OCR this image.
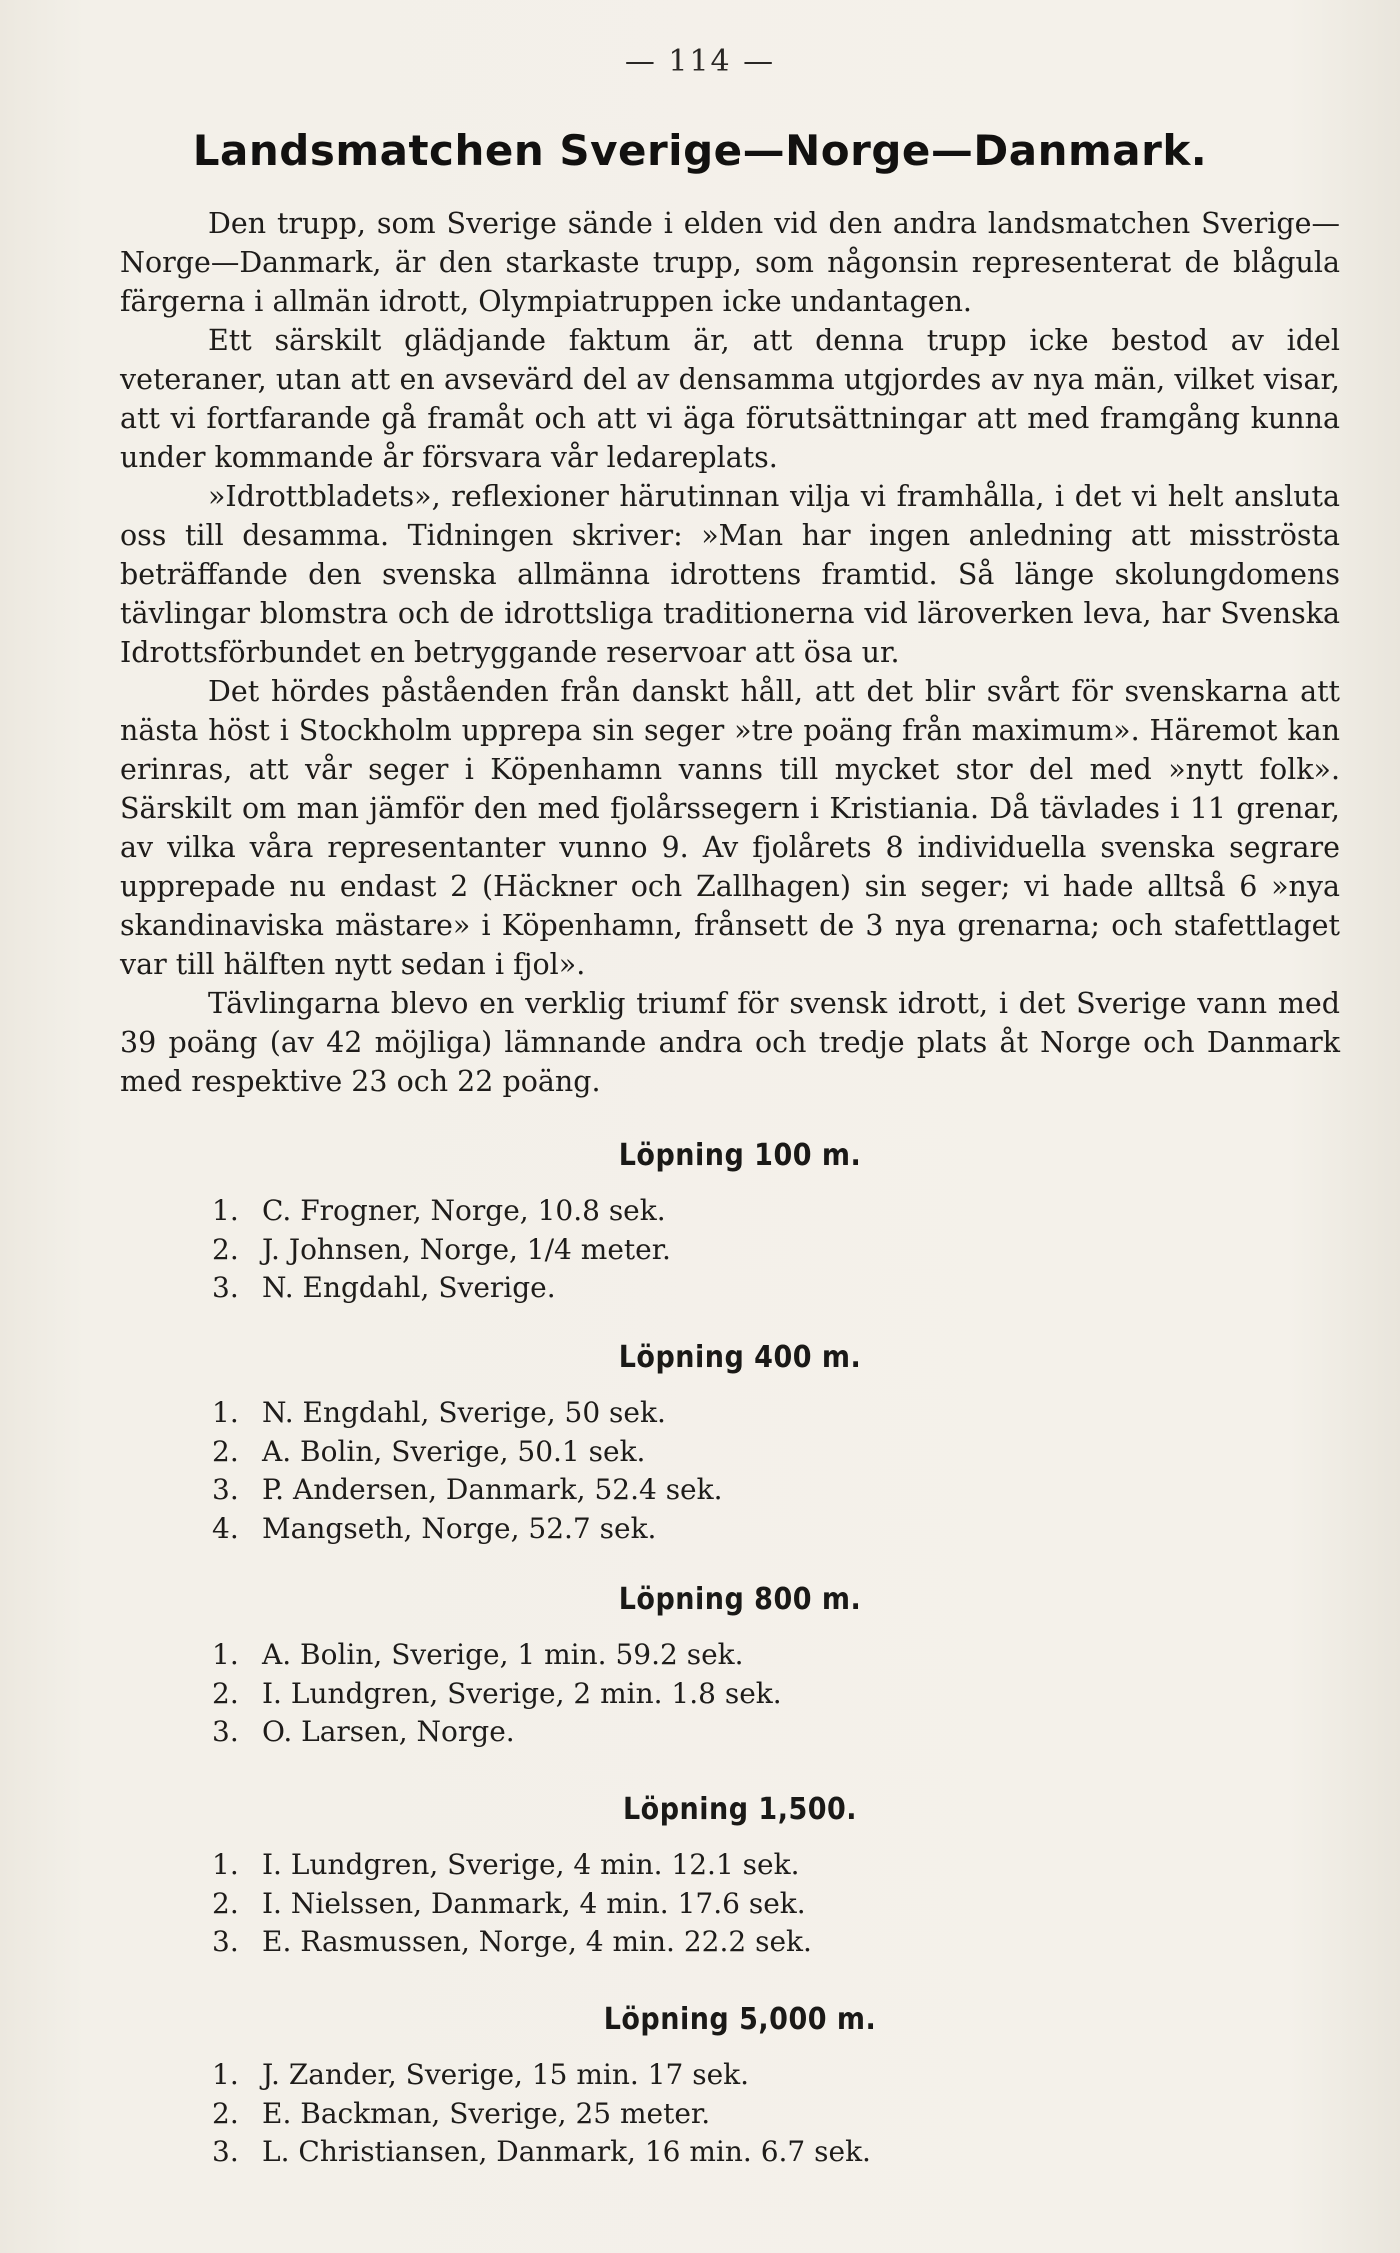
— 114 —
Landsmatchen Sverige—Norge—Danmark.

Den trupp, som Sverige sände i elden vid den andra landsmatchen Sverige—Norge—Danmark, är den starkaste trupp, som någonsin representerat de blågula färgerna i allmän idrott, Olympiatruppen icke undantagen.

Ett särskilt glädjande faktum är, att denna trupp icke bestod av idel veteraner, utan att en avsevärd del av densamma utgjordes av nya män, vilket visar, att vi fortfarande gå framåt och att vi äga förutsättningar att med framgång kunna under kommande år försvara vår ledareplats.

»Idrottbladets», reflexioner härutinnan vilja vi framhålla, i det vi helt ansluta oss till desamma. Tidningen skriver: »Man har ingen anledning att misströsta beträffande den svenska allmänna idrottens framtid. Så länge skolungdomens tävlingar blomstra och de idrottsliga traditionerna vid läroverken leva, har Svenska Idrottsförbundet en betryggande reservoar att ösa ur.

Det hördes påståenden från danskt håll, att det blir svårt för svenskarna att nästa höst i Stockholm upprepa sin seger »tre poäng från maximum». Häremot kan erinras, att vår seger i Köpenhamn vanns till mycket stor del med »nytt folk». Särskilt om man jämför den med fjolårssegern i Kristiania. Då tävlades i 11 grenar, av vilka våra representanter vunno 9. Av fjolårets 8 individuella svenska segrare upprepade nu endast 2 (Häckner och Zallhagen) sin seger; vi hade alltså 6 »nya skandinaviska mästare» i Köpenhamn, frånsett de 3 nya grenarna; och stafettlaget var till hälften nytt sedan i fjol».

Tävlingarna blevo en verklig triumf för svensk idrott, i det Sverige vann med 39 poäng (av 42 möjliga) lämnande andra och tredje plats åt Norge och Danmark med respektive 23 och 22 poäng.

Löpning 100 m.
1. C. Frogner, Norge, 10.8 sek.
2. J. Johnsen, Norge, 1/4 meter.
3. N. Engdahl, Sverige.
Löpning 400 m.
1. N. Engdahl, Sverige, 50 sek.
2. A. Bolin, Sverige, 50.1 sek.
3. P. Andersen, Danmark, 52.4 sek.
4. Mangseth, Norge, 52.7 sek.
Löpning 800 m.
1. A. Bolin, Sverige, 1 min. 59.2 sek.
2. I. Lundgren, Sverige, 2 min. 1.8 sek.
3. O. Larsen, Norge.
Löpning 1,500.
1. I. Lundgren, Sverige, 4 min. 12.1 sek.
2. I. Nielssen, Danmark, 4 min. 17.6 sek.
3. E. Rasmussen, Norge, 4 min. 22.2 sek.
Löpning 5,000 m.
1. J. Zander, Sverige, 15 min. 17 sek.
2. E. Backman, Sverige, 25 meter.
3. L. Christiansen, Danmark, 16 min. 6.7 sek.
